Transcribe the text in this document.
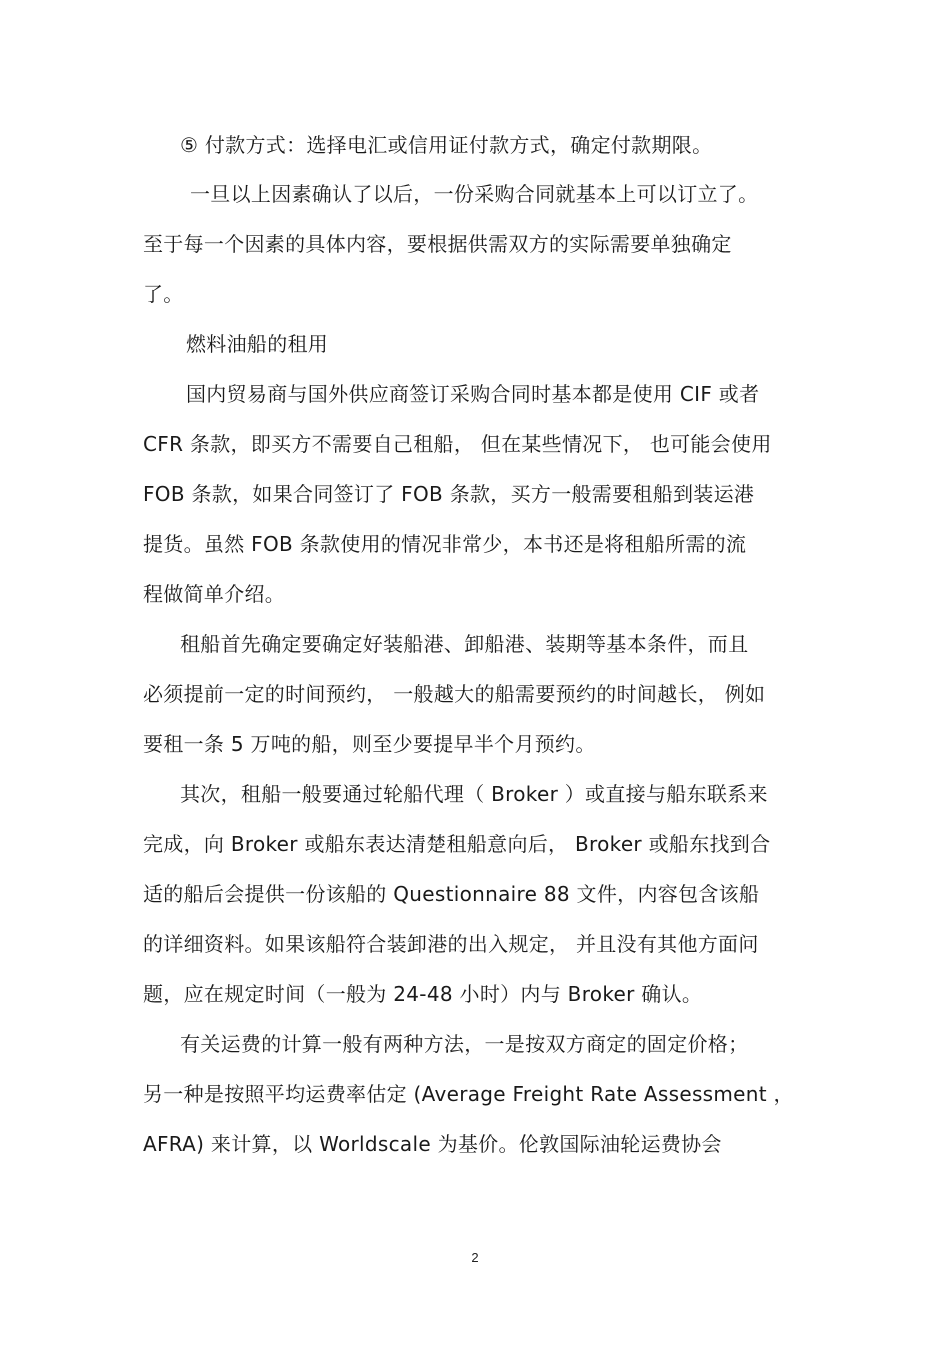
⑤ 付款方式：选择电汇或信用证付款方式，确定付款期限。
一旦以上因素确认了以后，一份采购合同就基本上可以订立了。
至于每一个因素的具体内容，要根据供需双方的实际需要单独确定
了。
燃料油船的租用
国内贸易商与国外供应商签订采购合同时基本都是使用 CIF 或者
CFR 条款，即买方不需要自己租船， 但在某些情况下， 也可能会使用
FOB 条款，如果合同签订了 FOB 条款，买方一般需要租船到装运港
提货。虽然 FOB 条款使用的情况非常少，本书还是将租船所需的流
程做简单介绍。
租船首先确定要确定好装船港、卸船港、装期等基本条件，而且
必须提前一定的时间预约， 一般越大的船需要预约的时间越长， 例如
要租一条 5 万吨的船，则至少要提早半个月预约。
其次，租船一般要通过轮船代理（ Broker ）或直接与船东联系来
完成，向 Broker 或船东表达清楚租船意向后， Broker 或船东找到合
适的船后会提供一份该船的 Questionnaire 88 文件，内容包含该船
的详细资料。如果该船符合装卸港的出入规定， 并且没有其他方面问
题，应在规定时间（一般为 24-48 小时）内与 Broker 确认。
有关运费的计算一般有两种方法，一是按双方商定的固定价格；
另一种是按照平均运费率估定 (Average Freight Rate Assessment ，
AFRA) 来计算，以 Worldscale 为基价。伦敦国际油轮运费协会
2
